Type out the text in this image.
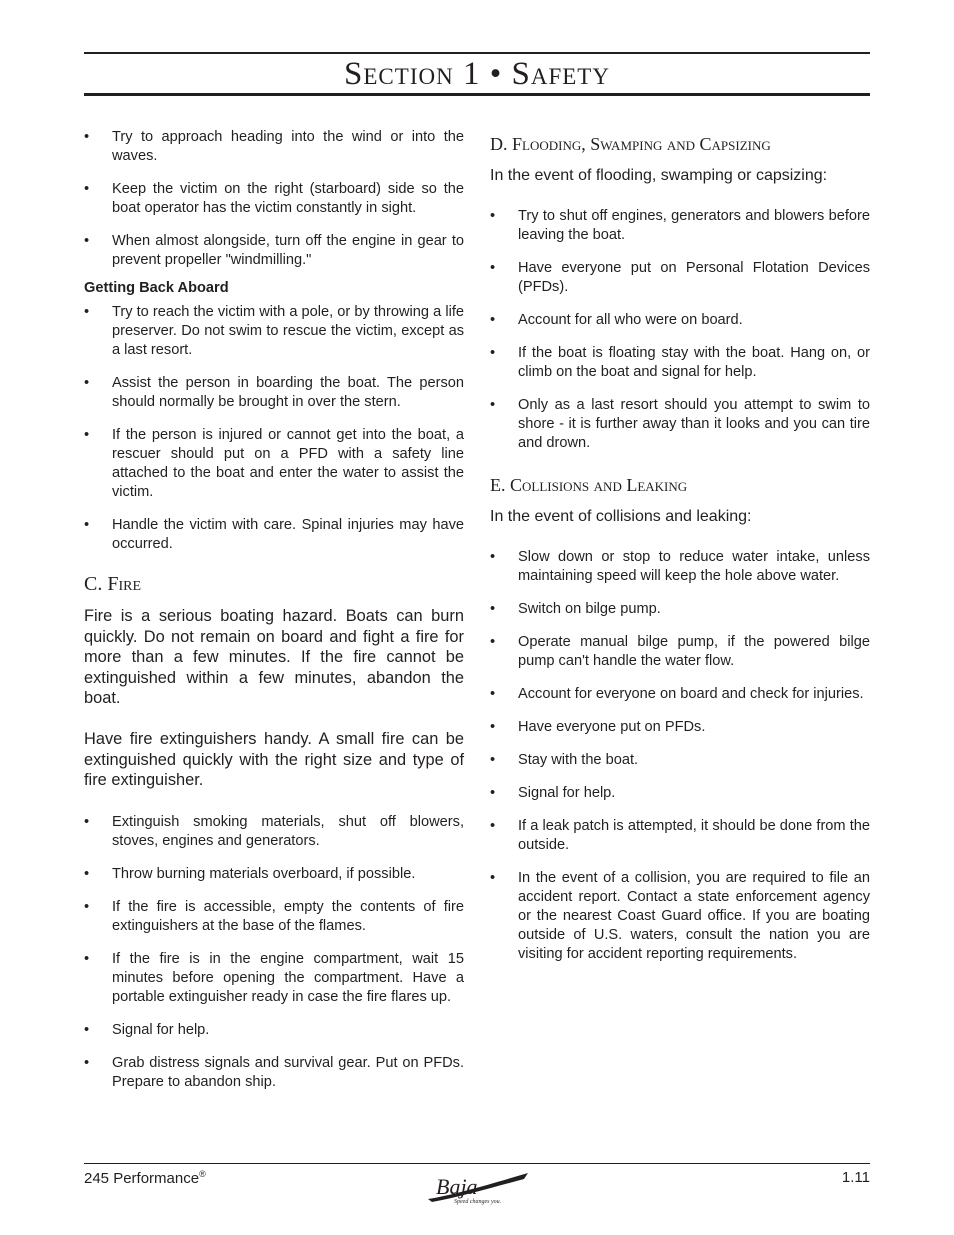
Section 1 • Safety
• Try to approach heading into the wind or into the waves.
• Keep the victim on the right (starboard) side so the boat operator has the victim constantly in sight.
• When almost alongside, turn off the engine in gear to prevent propeller "windmilling."
Getting Back Aboard
• Try to reach the victim with a pole, or by throwing a life preserver. Do not swim to rescue the victim, except as a last resort.
• Assist the person in boarding the boat. The person should normally be brought in over the stern.
• If the person is injured or cannot get into the boat, a rescuer should put on a PFD with a safety line attached to the boat and enter the water to assist the victim.
• Handle the victim with care. Spinal injuries may have occurred.
C. Fire

Fire is a serious boating hazard. Boats can burn quickly. Do not remain on board and fight a fire for more than a few minutes. If the fire cannot be extinguished within a few minutes, abandon the boat.

Have fire extinguishers handy. A small fire can be extinguished quickly with the right size and type of fire extinguisher.

• Extinguish smoking materials, shut off blowers, stoves, engines and generators.
• Throw burning materials overboard, if possible.
• If the fire is accessible, empty the contents of fire extinguishers at the base of the flames.
• If the fire is in the engine compartment, wait 15 minutes before opening the compartment. Have a portable extinguisher ready in case the fire flares up.
• Signal for help.
• Grab distress signals and survival gear. Put on PFDs. Prepare to abandon ship.
D. Flooding, Swamping and Capsizing
In the event of flooding, swamping or capsizing:
• Try to shut off engines, generators and blowers before leaving the boat.
• Have everyone put on Personal Flotation Devices (PFDs).
• Account for all who were on board.
• If the boat is floating stay with the boat. Hang on, or climb on the boat and signal for help.
• Only as a last resort should you attempt to swim to shore - it is further away than it looks and you can tire and drown.
E. Collisions and Leaking
In the event of collisions and leaking:
• Slow down or stop to reduce water intake, unless maintaining speed will keep the hole above water.
• Switch on bilge pump.
• Operate manual bilge pump, if the powered bilge pump can't handle the water flow.
• Account for everyone on board and check for injuries.
• Have everyone put on PFDs.
• Stay with the boat.
• Signal for help.
• If a leak patch is attempted, it should be done from the outside.
• In the event of a collision, you are required to file an accident report. Contact a state enforcement agency or the nearest Coast Guard office. If you are boating outside of U.S. waters, consult the nation you are visiting for accident reporting requirements.
245 Performance®	Baja
Speed changes you.
1.11
